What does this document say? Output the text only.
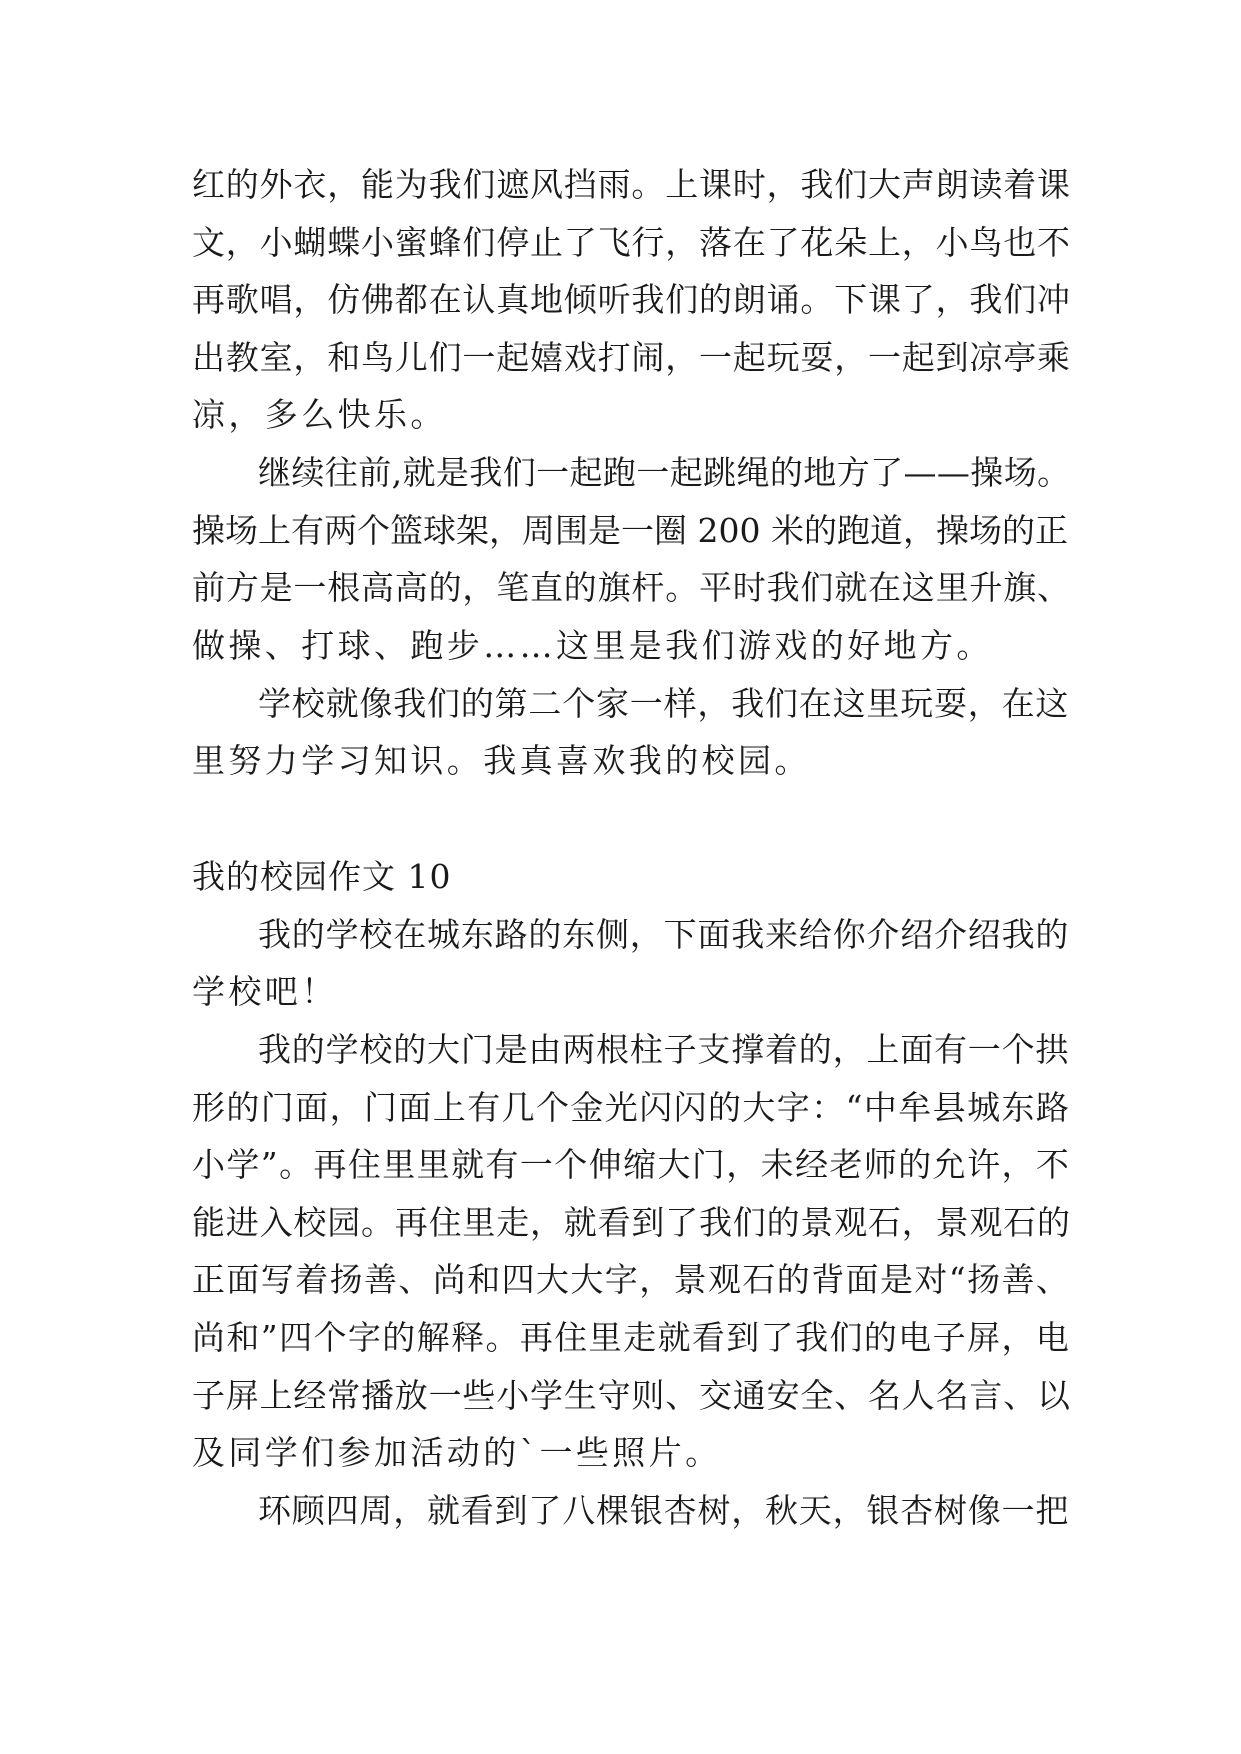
红的外衣，能为我们遮风挡雨。上课时，我们大声朗读着课
文，小蝴蝶小蜜蜂们停止了飞行，落在了花朵上，小鸟也不
再歌唱，仿佛都在认真地倾听我们的朗诵。下课了，我们冲
出教室，和鸟儿们一起嬉戏打闹，一起玩耍，一起到凉亭乘
凉，多么快乐。
继续往前,就是我们一起跑一起跳绳的地方了——操场。
操场上有两个篮球架，周围是一圈 200 米的跑道，操场的正
前方是一根高高的，笔直的旗杆。平时我们就在这里升旗、
做操、打球、跑步……这里是我们游戏的好地方。
学校就像我们的第二个家一样，我们在这里玩耍，在这
里努力学习知识。我真喜欢我的校园。
我的校园作文 10
我的学校在城东路的东侧，下面我来给你介绍介绍我的
学校吧！
我的学校的大门是由两根柱子支撑着的，上面有一个拱
形的门面，门面上有几个金光闪闪的大字：“中牟县城东路
小学”。再住里里就有一个伸缩大门，未经老师的允许，不
能进入校园。再住里走，就看到了我们的景观石，景观石的
正面写着扬善、尚和四大大字，景观石的背面是对“扬善、
尚和”四个字的解释。再住里走就看到了我们的电子屏，电
子屏上经常播放一些小学生守则、交通安全、名人名言、以
及同学们参加活动的`一些照片。
环顾四周，就看到了八棵银杏树，秋天，银杏树像一把
